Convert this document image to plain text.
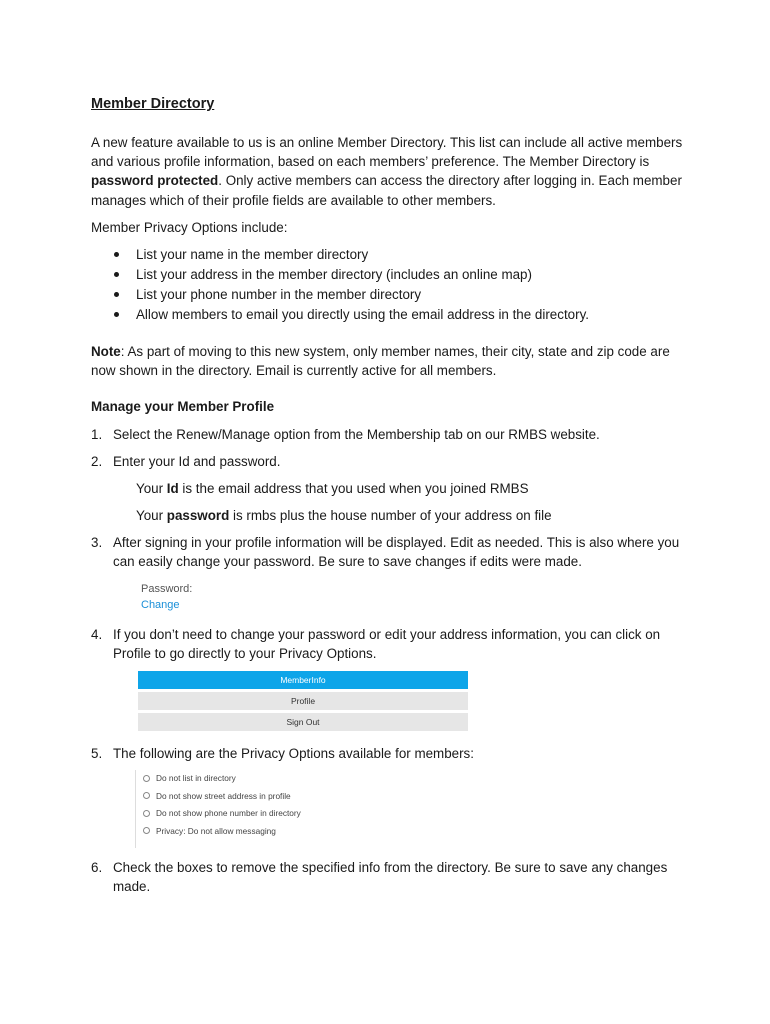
Member Directory

A new feature available to us is an online Member Directory. This list can include all active members and various profile information, based on each members’ preference. The Member Directory is password protected. Only active members can access the directory after logging in. Each member manages which of their profile fields are available to other members.

Member Privacy Options include:

List your name in the member directory
List your address in the member directory (includes an online map)
List your phone number in the member directory
Allow members to email you directly using the email address in the directory.

Note: As part of moving to this new system, only member names, their city, state and zip code are now shown in the directory. Email is currently active for all members.

Manage your Member Profile

1. Select the Renew/Manage option from the Membership tab on our RMBS website.
2. Enter your Id and password.
Your Id is the email address that you used when you joined RMBS
Your password is rmbs plus the house number of your address on file
3. After signing in your profile information will be displayed. Edit as needed. This is also where you can easily change your password. Be sure to save changes if edits were made.
Password:
Change
4. If you don’t need to change your password or edit your address information, you can click on Profile to go directly to your Privacy Options.
MemberInfo
Profile
Sign Out
5. The following are the Privacy Options available for members:
Do not list in directory
Do not show street address in profile
Do not show phone number in directory
Privacy: Do not allow messaging
6. Check the boxes to remove the specified info from the directory. Be sure to save any changes made.
